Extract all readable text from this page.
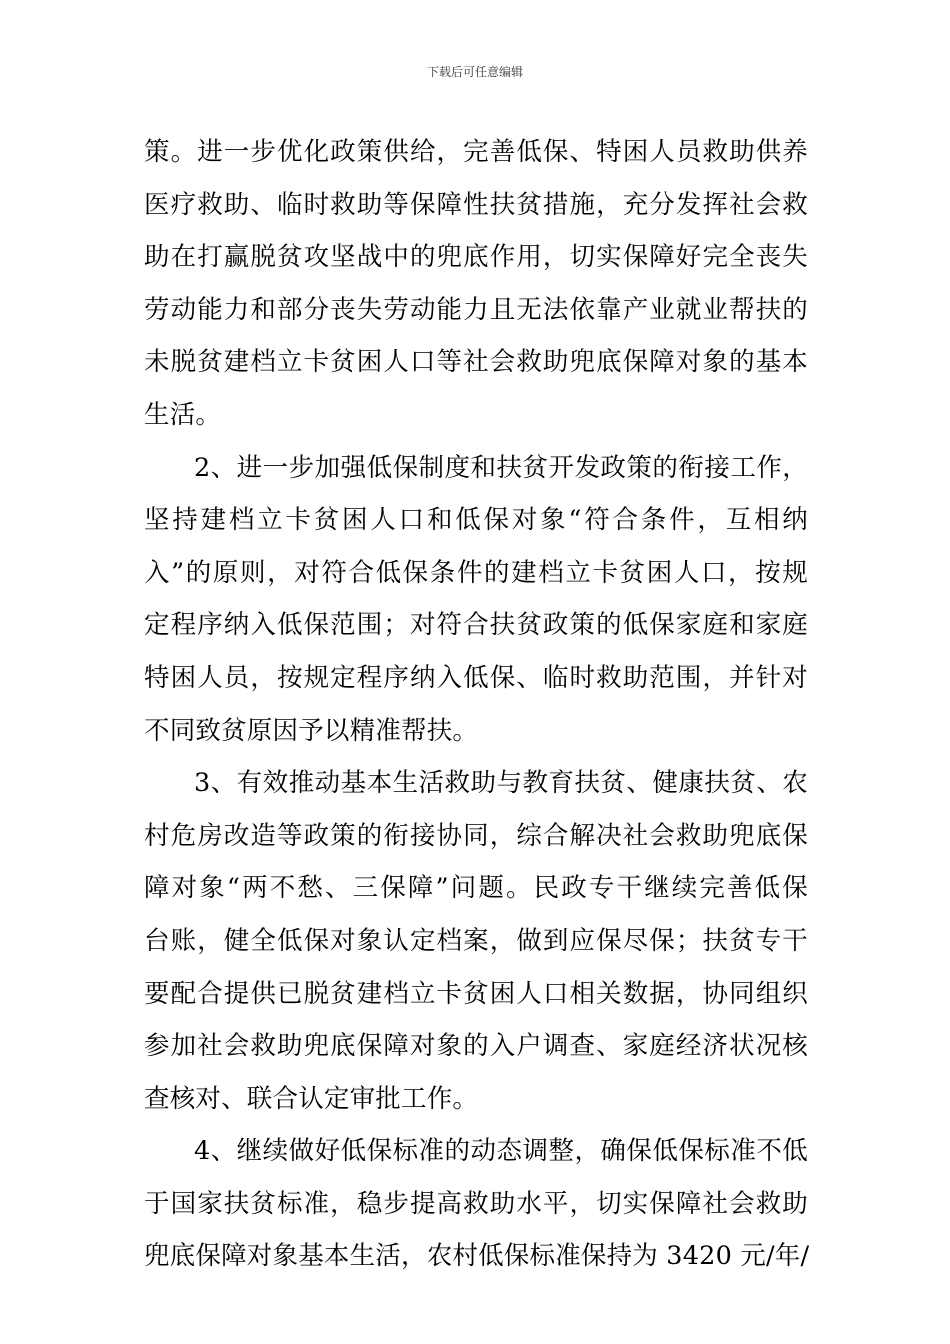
下载后可任意编辑
策。进一步优化政策供给，完善低保、特困人员救助供养
医疗救助、临时救助等保障性扶贫措施，充分发挥社会救
助在打赢脱贫攻坚战中的兜底作用，切实保障好完全丧失
劳动能力和部分丧失劳动能力且无法依靠产业就业帮扶的
未脱贫建档立卡贫困人口等社会救助兜底保障对象的基本
生活。
2、进一步加强低保制度和扶贫开发政策的衔接工作，
坚持建档立卡贫困人口和低保对象“符合条件，互相纳
入”的原则，对符合低保条件的建档立卡贫困人口，按规
定程序纳入低保范围；对符合扶贫政策的低保家庭和家庭
特困人员，按规定程序纳入低保、临时救助范围，并针对
不同致贫原因予以精准帮扶。
3、有效推动基本生活救助与教育扶贫、健康扶贫、农
村危房改造等政策的衔接协同，综合解决社会救助兜底保
障对象“两不愁、三保障”问题。民政专干继续完善低保
台账，健全低保对象认定档案，做到应保尽保；扶贫专干
要配合提供已脱贫建档立卡贫困人口相关数据，协同组织
参加社会救助兜底保障对象的入户调查、家庭经济状况核
查核对、联合认定审批工作。
4、继续做好低保标准的动态调整，确保低保标准不低
于国家扶贫标准，稳步提高救助水平，切实保障社会救助
兜底保障对象基本生活，农村低保标准保持为 3420 元/年/
